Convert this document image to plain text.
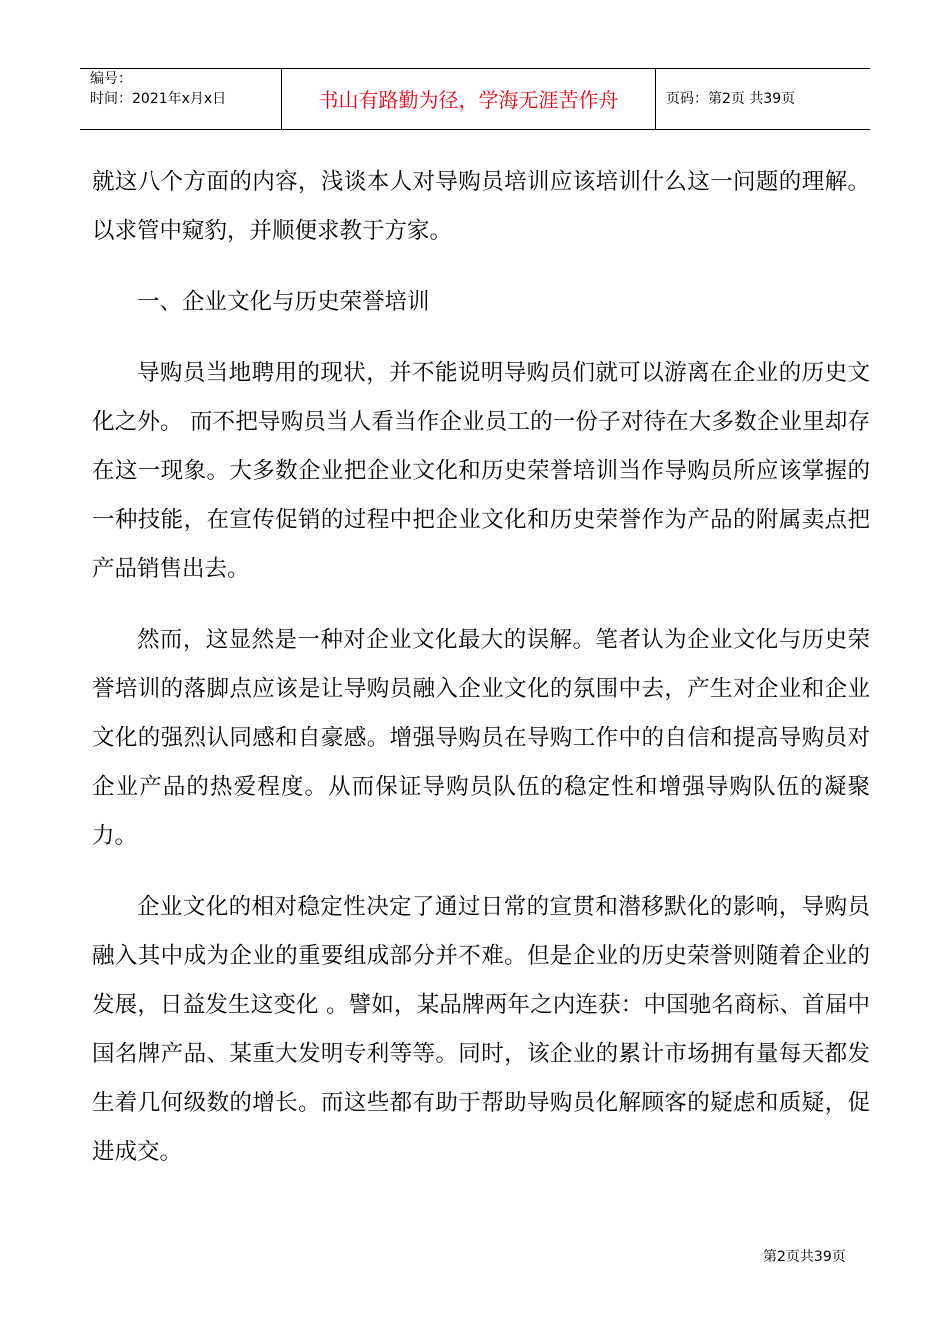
编号：
时间：2021年x月x日	书山有路勤为径，学海无涯苦作舟	页码：第2页 共39页

就这八个方面的内容，浅谈本人对导购员培训应该培训什么这一问题的理解。 以求管中窥豹，并顺便求教于方家。

一、企业文化与历史荣誉培训

导购员当地聘用的现状，并不能说明导购员们就可以游离在企业的历史文化之外。 而不把导购员当人看当作企业员工的一份子对待在大多数企业里却存在这一现象。大多数企业把企业文化和历史荣誉培训当作导购员所应该掌握的一种技能，在宣传促销的过程中把企业文化和历史荣誉作为产品的附属卖点把产品销售出去。

然而，这显然是一种对企业文化最大的误解。笔者认为企业文化与历史荣誉培训的落脚点应该是让导购员融入企业文化的氛围中去，产生对企业和企业文化的强烈认同感和自豪感。增强导购员在导购工作中的自信和提高导购员对企业产品的热爱程度。从而保证导购员队伍的稳定性和增强导购队伍的凝聚力。

企业文化的相对稳定性决定了通过日常的宣贯和潜移默化的影响，导购员融入其中成为企业的重要组成部分并不难。但是企业的历史荣誉则随着企业的发展，日益发生这变化 。譬如，某品牌两年之内连获：中国驰名商标、首届中国名牌产品、某重大发明专利等等。同时，该企业的累计市场拥有量每天都发生着几何级数的增长。而这些都有助于帮助导购员化解顾客的疑虑和质疑，促进成交。

第2页共39页
